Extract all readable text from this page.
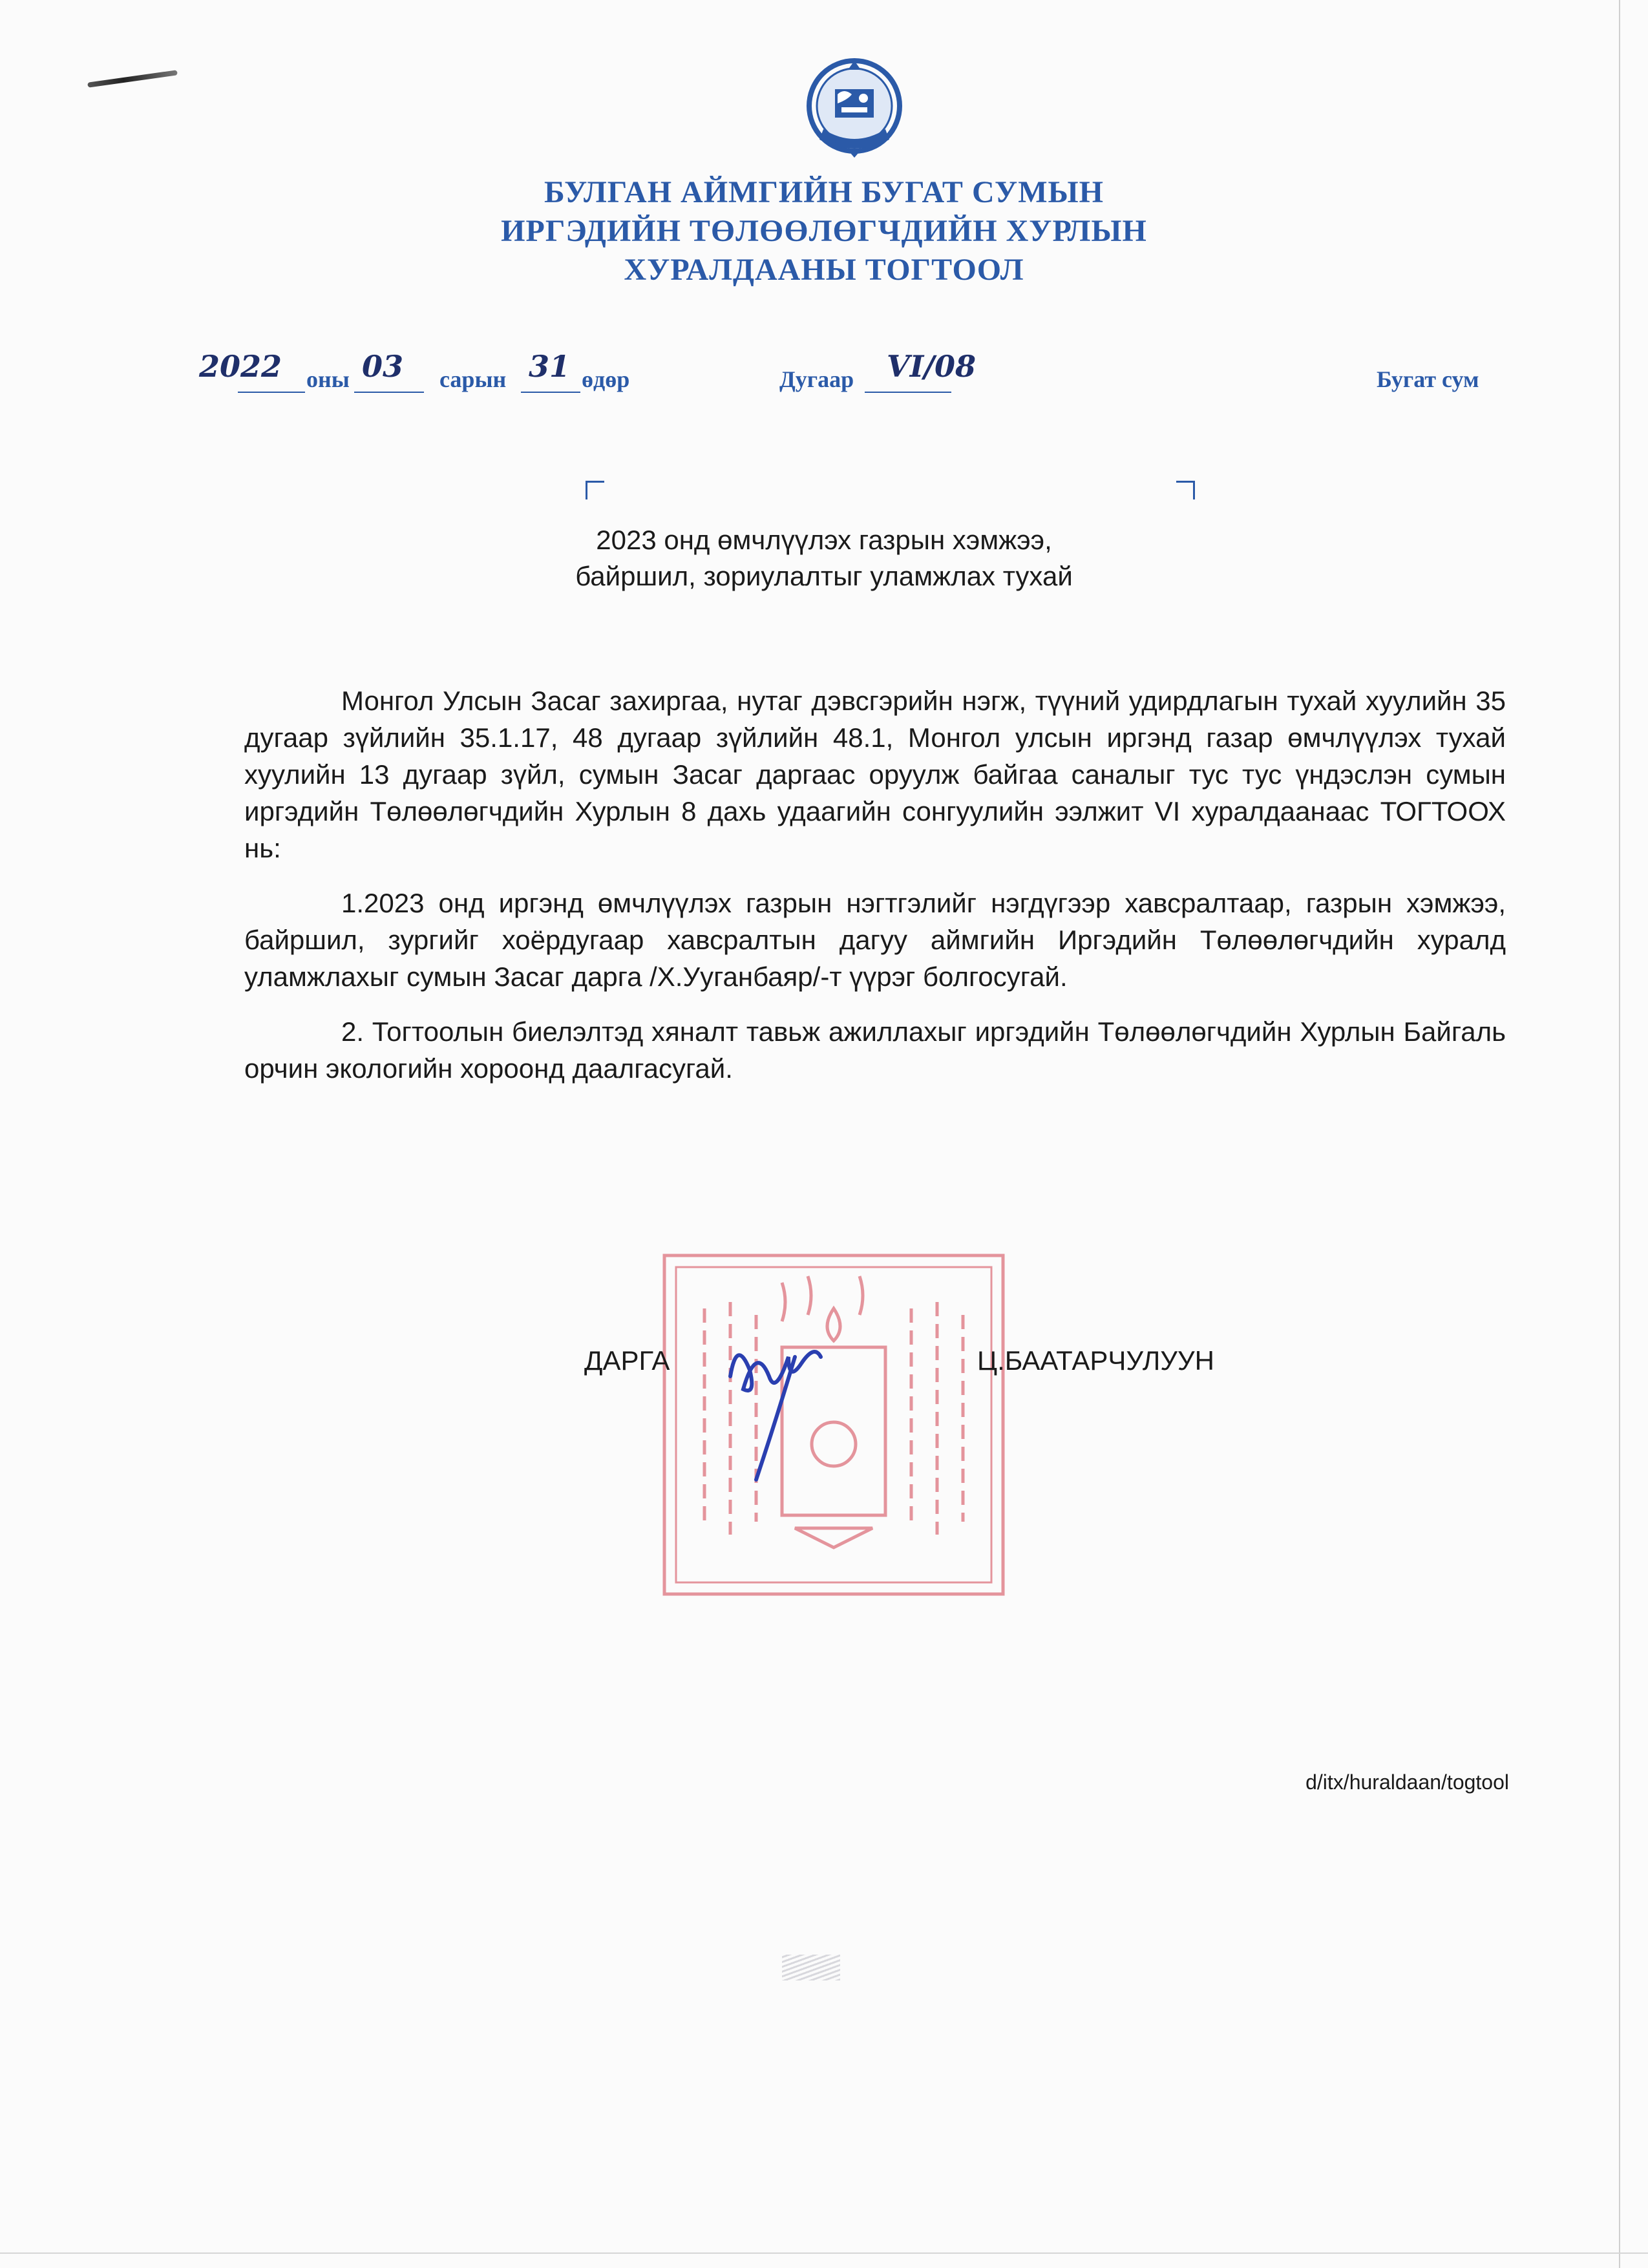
БУЛГАН АЙМГИЙН БУГАТ СУМЫН
ИРГЭДИЙН ТӨЛӨӨЛӨГЧДИЙН ХУРЛЫН
ХУРАЛДААНЫ ТОГТООЛ
2022 оны 03 сарын 31 өдөр	Дугаар VI/08	Бугат сум
2023 онд өмчлүүлэх газрын хэмжээ,
байршил, зориулалтыг уламжлах тухай

Монгол Улсын Засаг захиргаа, нутаг дэвсгэрийн нэгж, түүний удирдлагын тухай хуулийн 35 дугаар зүйлийн 35.1.17, 48 дугаар зүйлийн 48.1, Монгол улсын иргэнд газар өмчлүүлэх тухай хуулийн 13 дугаар зүйл, сумын Засаг даргаас оруулж байгаа саналыг тус тус үндэслэн сумын иргэдийн Төлөөлөгчдийн Хурлын 8 дахь удаагийн сонгуулийн ээлжит VI хуралдаанаас ТОГТООХ нь:

1.2023 онд иргэнд өмчлүүлэх газрын нэгтгэлийг нэгдүгээр хавсралтаар, газрын хэмжээ, байршил, зургийг хоёрдугаар хавсралтын дагуу аймгийн Иргэдийн Төлөөлөгчдийн хуралд уламжлахыг сумын Засаг дарга /Х.Ууганбаяр/-т үүрэг болгосугай.

2. Тогтоолын биелэлтэд хяналт тавьж ажиллахыг иргэдийн Төлөөлөгчдийн Хурлын Байгаль орчин экологийн хороонд даалгасугай.

ДАРГА	Ц.БААТАРЧУЛУУН
d/itx/huraldaan/togtool
